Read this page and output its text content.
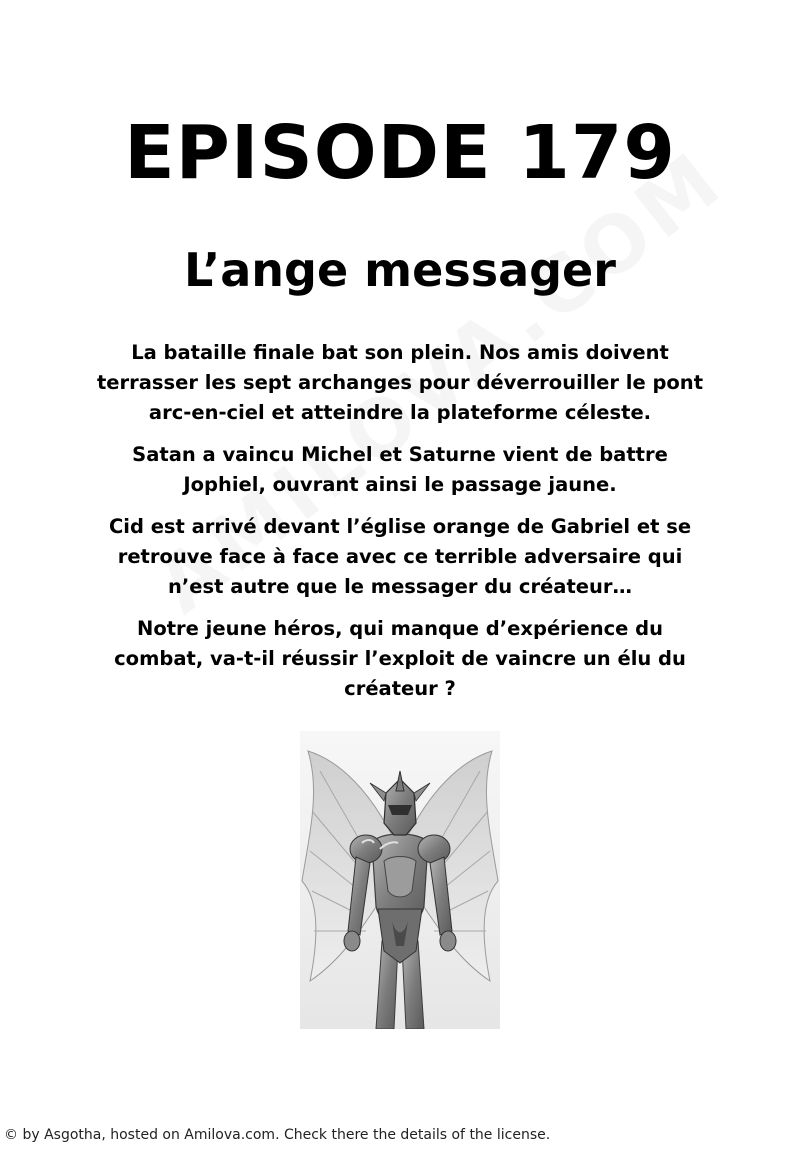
EPISODE 179
L’ange messager

La bataille finale bat son plein. Nos amis doivent terrasser les sept archanges pour déverrouiller le pont arc-en-ciel et atteindre la plateforme céleste.

Satan a vaincu Michel et Saturne vient de battre Jophiel, ouvrant ainsi le passage jaune.

Cid est arrivé devant l’église orange de Gabriel et se retrouve face à face avec ce terrible adversaire qui n’est autre que le messager du créateur…

Notre jeune héros, qui manque d’expérience du combat, va-t-il réussir l’exploit de vaincre un élu du créateur ?

© by Asgotha, hosted on Amilova.com. Check there the details of the license.
